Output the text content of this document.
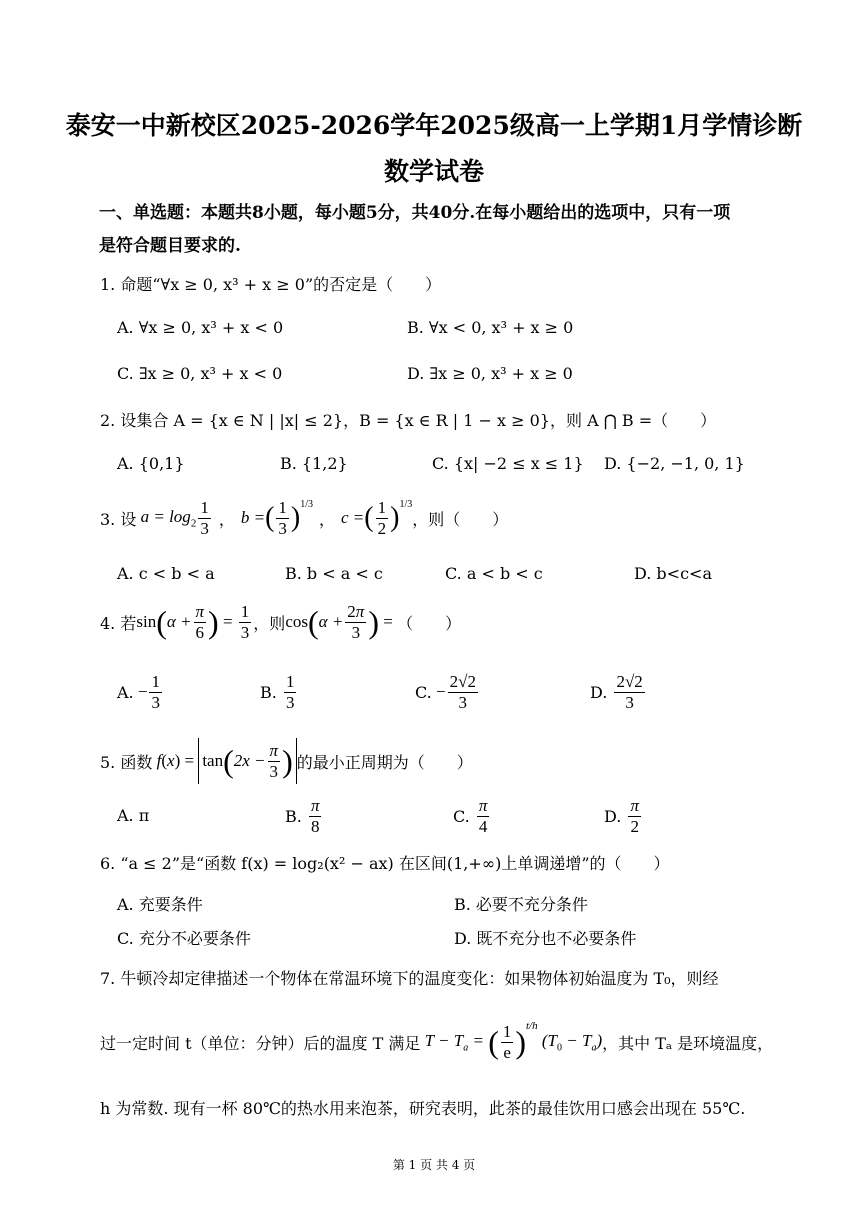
泰安一中新校区2025-2026学年2025级高一上学期1月学情诊断
数学试卷
一、单选题：本题共8小题，每小题5分，共40分.在每小题给出的选项中，只有一项
是符合题目要求的.
1. 命题“∀x ≥ 0, x³ + x ≥ 0”的否定是（　　）
A. ∀x ≥ 0, x³ + x < 0	B. ∀x < 0, x³ + x ≥ 0
C. ∃x ≥ 0, x³ + x < 0	D. ∃x ≥ 0, x³ + x ≥ 0
2. 设集合 A = {x ∈ N | |x| ≤ 2}，B = {x ∈ R | 1 − x ≥ 0}，则 A ⋂ B =（　　）
A. {0,1}	B. {1,2}	C. {x| −2 ≤ x ≤ 1} D. {−2, −1, 0, 1}
3. 设 $a = \log_2 \frac{1}{3}$ ， b = ( $\frac{1}{3} )^{1/3}$
， c = ( $\frac{1}{2} )^{1/3}$
，则（　　）
A. c < b < a	B. b < a < c	C. a < b < c	D. b<c<a
4. 若 sin ( $\alpha + \frac{\pi}{6}$ ) = $\frac{1}{3}$ ，则 cos ( $\alpha + \frac{2\pi}{3}$ ) = （　　）
A. − $\frac{1}{3}$	B.
$\frac{1}{3}$	C. − $\frac{2√2}{3}$	D.
$\frac{2√2}{3}$
5. 函数 f ( x ) = tan ( $2x - \frac{\pi}{3}$ ) 的最小正周期为（　　）
A. π	B.
$\frac{\pi}{8}$	C.
$\frac{\pi}{4}$	D.
$\frac{\pi}{2}$
6. “a ≤ 2”是“函数 f(x) = log₂(x² − ax) 在区间(1,+∞)上单调递增”的（　　）
A. 充要条件	B. 必要不充分条件
C. 充分不必要条件	D. 既不充分也不必要条件
7. 牛顿冷却定律描述一个物体在常温环境下的温度变化：如果物体初始温度为 T₀，则经
过一定时间 t（单位：分钟）后的温度 T 满足 $T - T_a$ = ( $\frac{1}{e} )^{t/h}$
$(T_0 - T_a)$ ，其中 Tₐ 是环境温度，
h 为常数. 现有一杯 80℃的热水用来泡茶，研究表明，此茶的最佳饮用口感会出现在 55℃.
第 1 页 共 4 页
